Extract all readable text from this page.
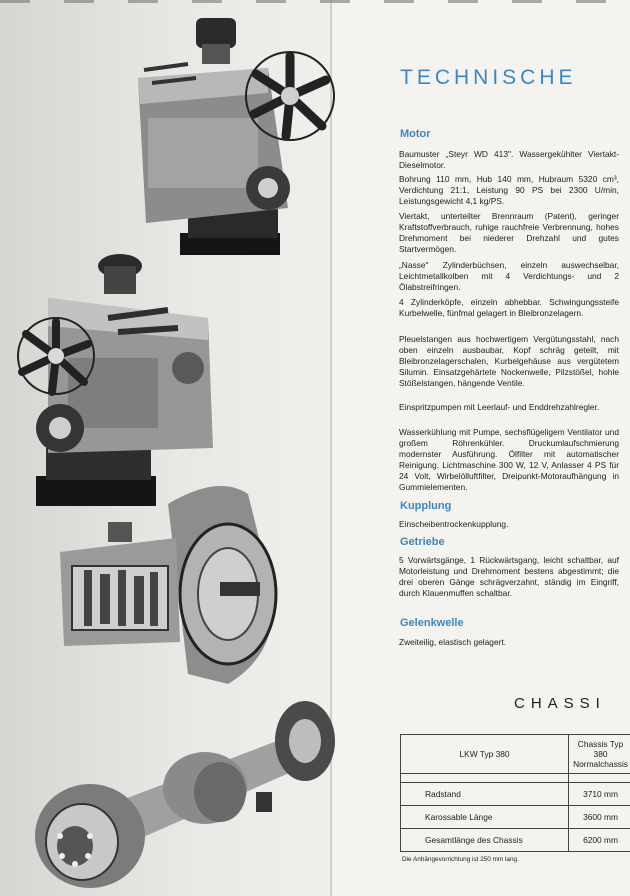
TECHNISCHE
Motor
Baumuster „Steyr WD 413". Wassergekühlter Viertakt-Dieselmotor.
Bohrung 110 mm, Hub 140 mm, Hubraum 5320 cm³, Verdichtung 21:1, Leistung 90 PS bei 2300 U/min, Leistungsgewicht 4,1 kg/PS.
Viertakt, unterteilter Brennraum (Patent), geringer Kraftstoffverbrauch, ruhige rauchfreie Verbrennung, hohes Drehmoment bei niederer Drehzahl und gutes Startvermögen.
„Nasse" Zylinderbüchsen, einzeln auswechselbar, Leichtmetallkolben mit 4 Verdichtungs- und 2 Ölabstreifringen.
4 Zylinderköpfe, einzeln abhebbar. Schwingungssteife Kurbelwelle, fünfmal gelagert in Bleibronzelagern.
Pleuelstangen aus hochwertigem Vergütungsstahl, nach oben einzeln ausbaubar, Kopf schräg geteilt, mit Bleibronzelagerschalen, Kurbelgehäuse aus vergütetem Silumin. Einsatzgehärtete Nockenwelle, Pilzstößel, hohle Stößelstangen, hängende Ventile.
Einspritzpumpen mit Leerlauf- und Enddrehzahlregler.
Wasserkühlung mit Pumpe, sechsflügeligem Ventilator und großem Röhrenkühler. Druckumlaufschmierung modernster Ausführung. Ölfilter mit automatischer Reinigung. Lichtmaschine 300 W, 12 V, Anlasser 4 PS für 24 Volt, Wirbelölluftfilter, Dreipunkt-Motoraufhängung in Gummielementen.
Kupplung
Einscheibentrockenkupplung.
Getriebe
5 Vorwärtsgänge, 1 Rückwärtsgang, leicht schaltbar, auf Motorleistung und Drehmoment bestens abgestimmt; die drei oberen Gänge schrägverzahnt, ständig im Eingriff, durch Klauenmuffen schaltbar.
Gelenkwelle
Zweiteilig, elastisch gelagert.
CHASSI
LKW Typ 380	Chassis Typ 380 Normalchassis

Radstand	3710 mm
Karossable Länge	3600 mm
Gesamtlänge des Chassis	6200 mm
Die Anhängevorrichtung ist 250 mm lang.
